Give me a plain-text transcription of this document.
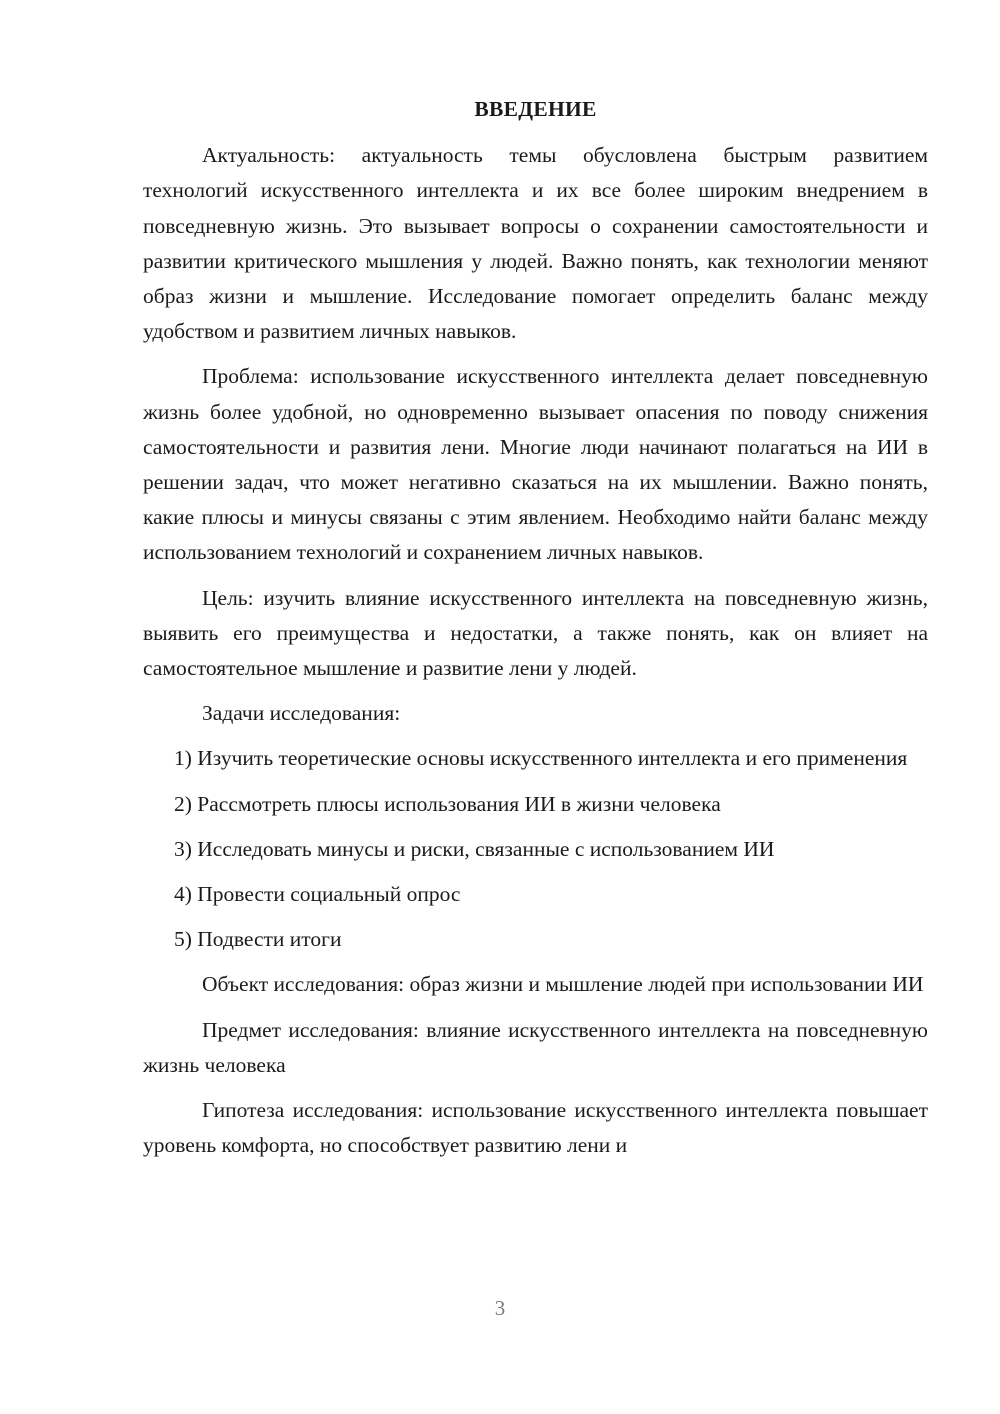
ВВЕДЕНИЕ

Актуальность: актуальность темы обусловлена быстрым развитием технологий искусственного интеллекта и их все более широким внедрением в повседневную жизнь. Это вызывает вопросы о сохранении самостоятельности и развитии критического мышления у людей. Важно понять, как технологии меняют образ жизни и мышление. Исследование помогает определить баланс между удобством и развитием личных навыков.

Проблема: использование искусственного интеллекта делает повседневную жизнь более удобной, но одновременно вызывает опасения по поводу снижения самостоятельности и развития лени. Многие люди начинают полагаться на ИИ в решении задач, что может негативно сказаться на их мышлении. Важно понять, какие плюсы и минусы связаны с этим явлением. Необходимо найти баланс между использованием технологий и сохранением личных навыков.

Цель: изучить влияние искусственного интеллекта на повседневную жизнь, выявить его преимущества и недостатки, а также понять, как он влияет на самостоятельное мышление и развитие лени у людей.

Задачи исследования:

1) Изучить теоретические основы искусственного интеллекта и его применения

2) Рассмотреть плюсы использования ИИ в жизни человека

3) Исследовать минусы и риски, связанные с использованием ИИ

4) Провести социальный опрос

5) Подвести итоги

Объект исследования: образ жизни и мышление людей при использовании ИИ

Предмет исследования: влияние искусственного интеллекта на повседневную жизнь человека

Гипотеза исследования: использование искусственного интеллекта повышает уровень комфорта, но способствует развитию лени и

3
